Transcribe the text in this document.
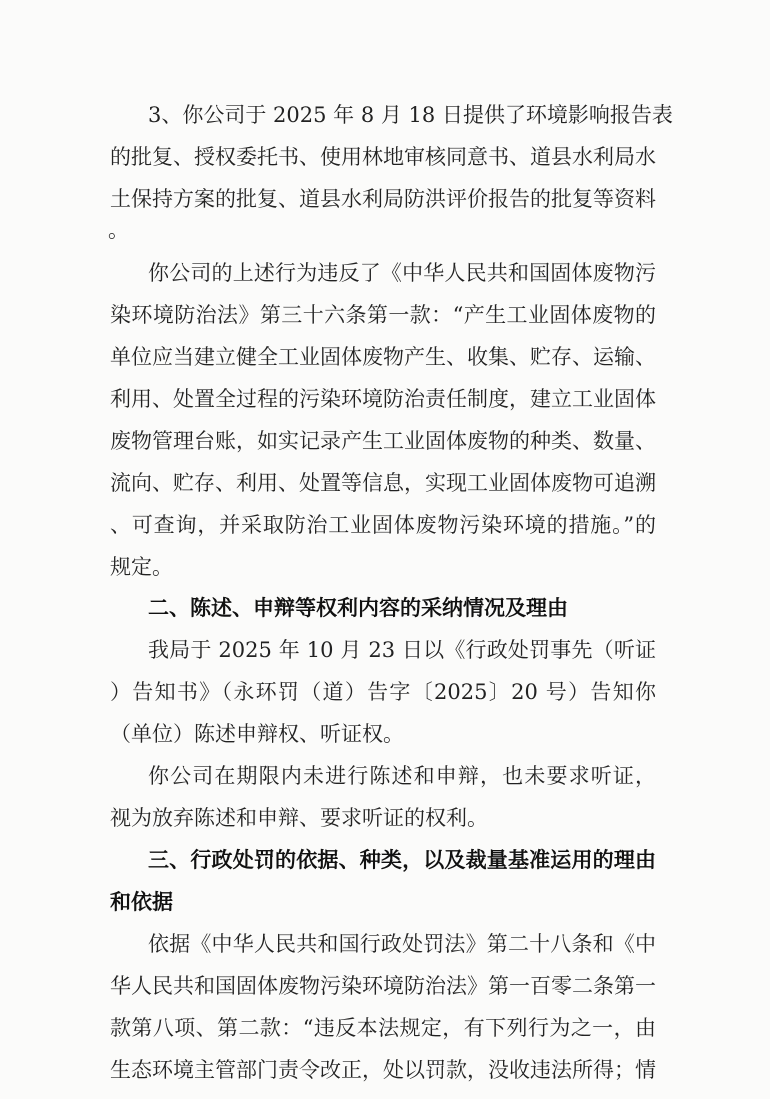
3、你公司于 2025 年 8 月 18 日提供了环境影响报告表
的批复、授权委托书、使用林地审核同意书、道县水利局水
土保持方案的批复、道县水利局防洪评价报告的批复等资料
。
你公司的上述行为违反了《中华人民共和国固体废物污
染环境防治法》第三十六条第一款：“产生工业固体废物的
单位应当建立健全工业固体废物产生、收集、贮存、运输、
利用、处置全过程的污染环境防治责任制度，建立工业固体
废物管理台账，如实记录产生工业固体废物的种类、数量、
流向、贮存、利用、处置等信息，实现工业固体废物可追溯
、可查询，并采取防治工业固体废物污染环境的措施。”的
规定。
二、陈述、申辩等权利内容的采纳情况及理由
我局于 2025 年 10 月 23 日以《行政处罚事先（听证
）告知书》（永环罚（道）告字〔2025〕20 号）告知你
（单位）陈述申辩权、听证权。
你公司在期限内未进行陈述和申辩，也未要求听证，
视为放弃陈述和申辩、要求听证的权利。
三、行政处罚的依据、种类，以及裁量基准运用的理由
和依据
依据《中华人民共和国行政处罚法》第二十八条和《中
华人民共和国固体废物污染环境防治法》第一百零二条第一
款第八项、第二款：“违反本法规定，有下列行为之一，由
生态环境主管部门责令改正，处以罚款，没收违法所得；情
